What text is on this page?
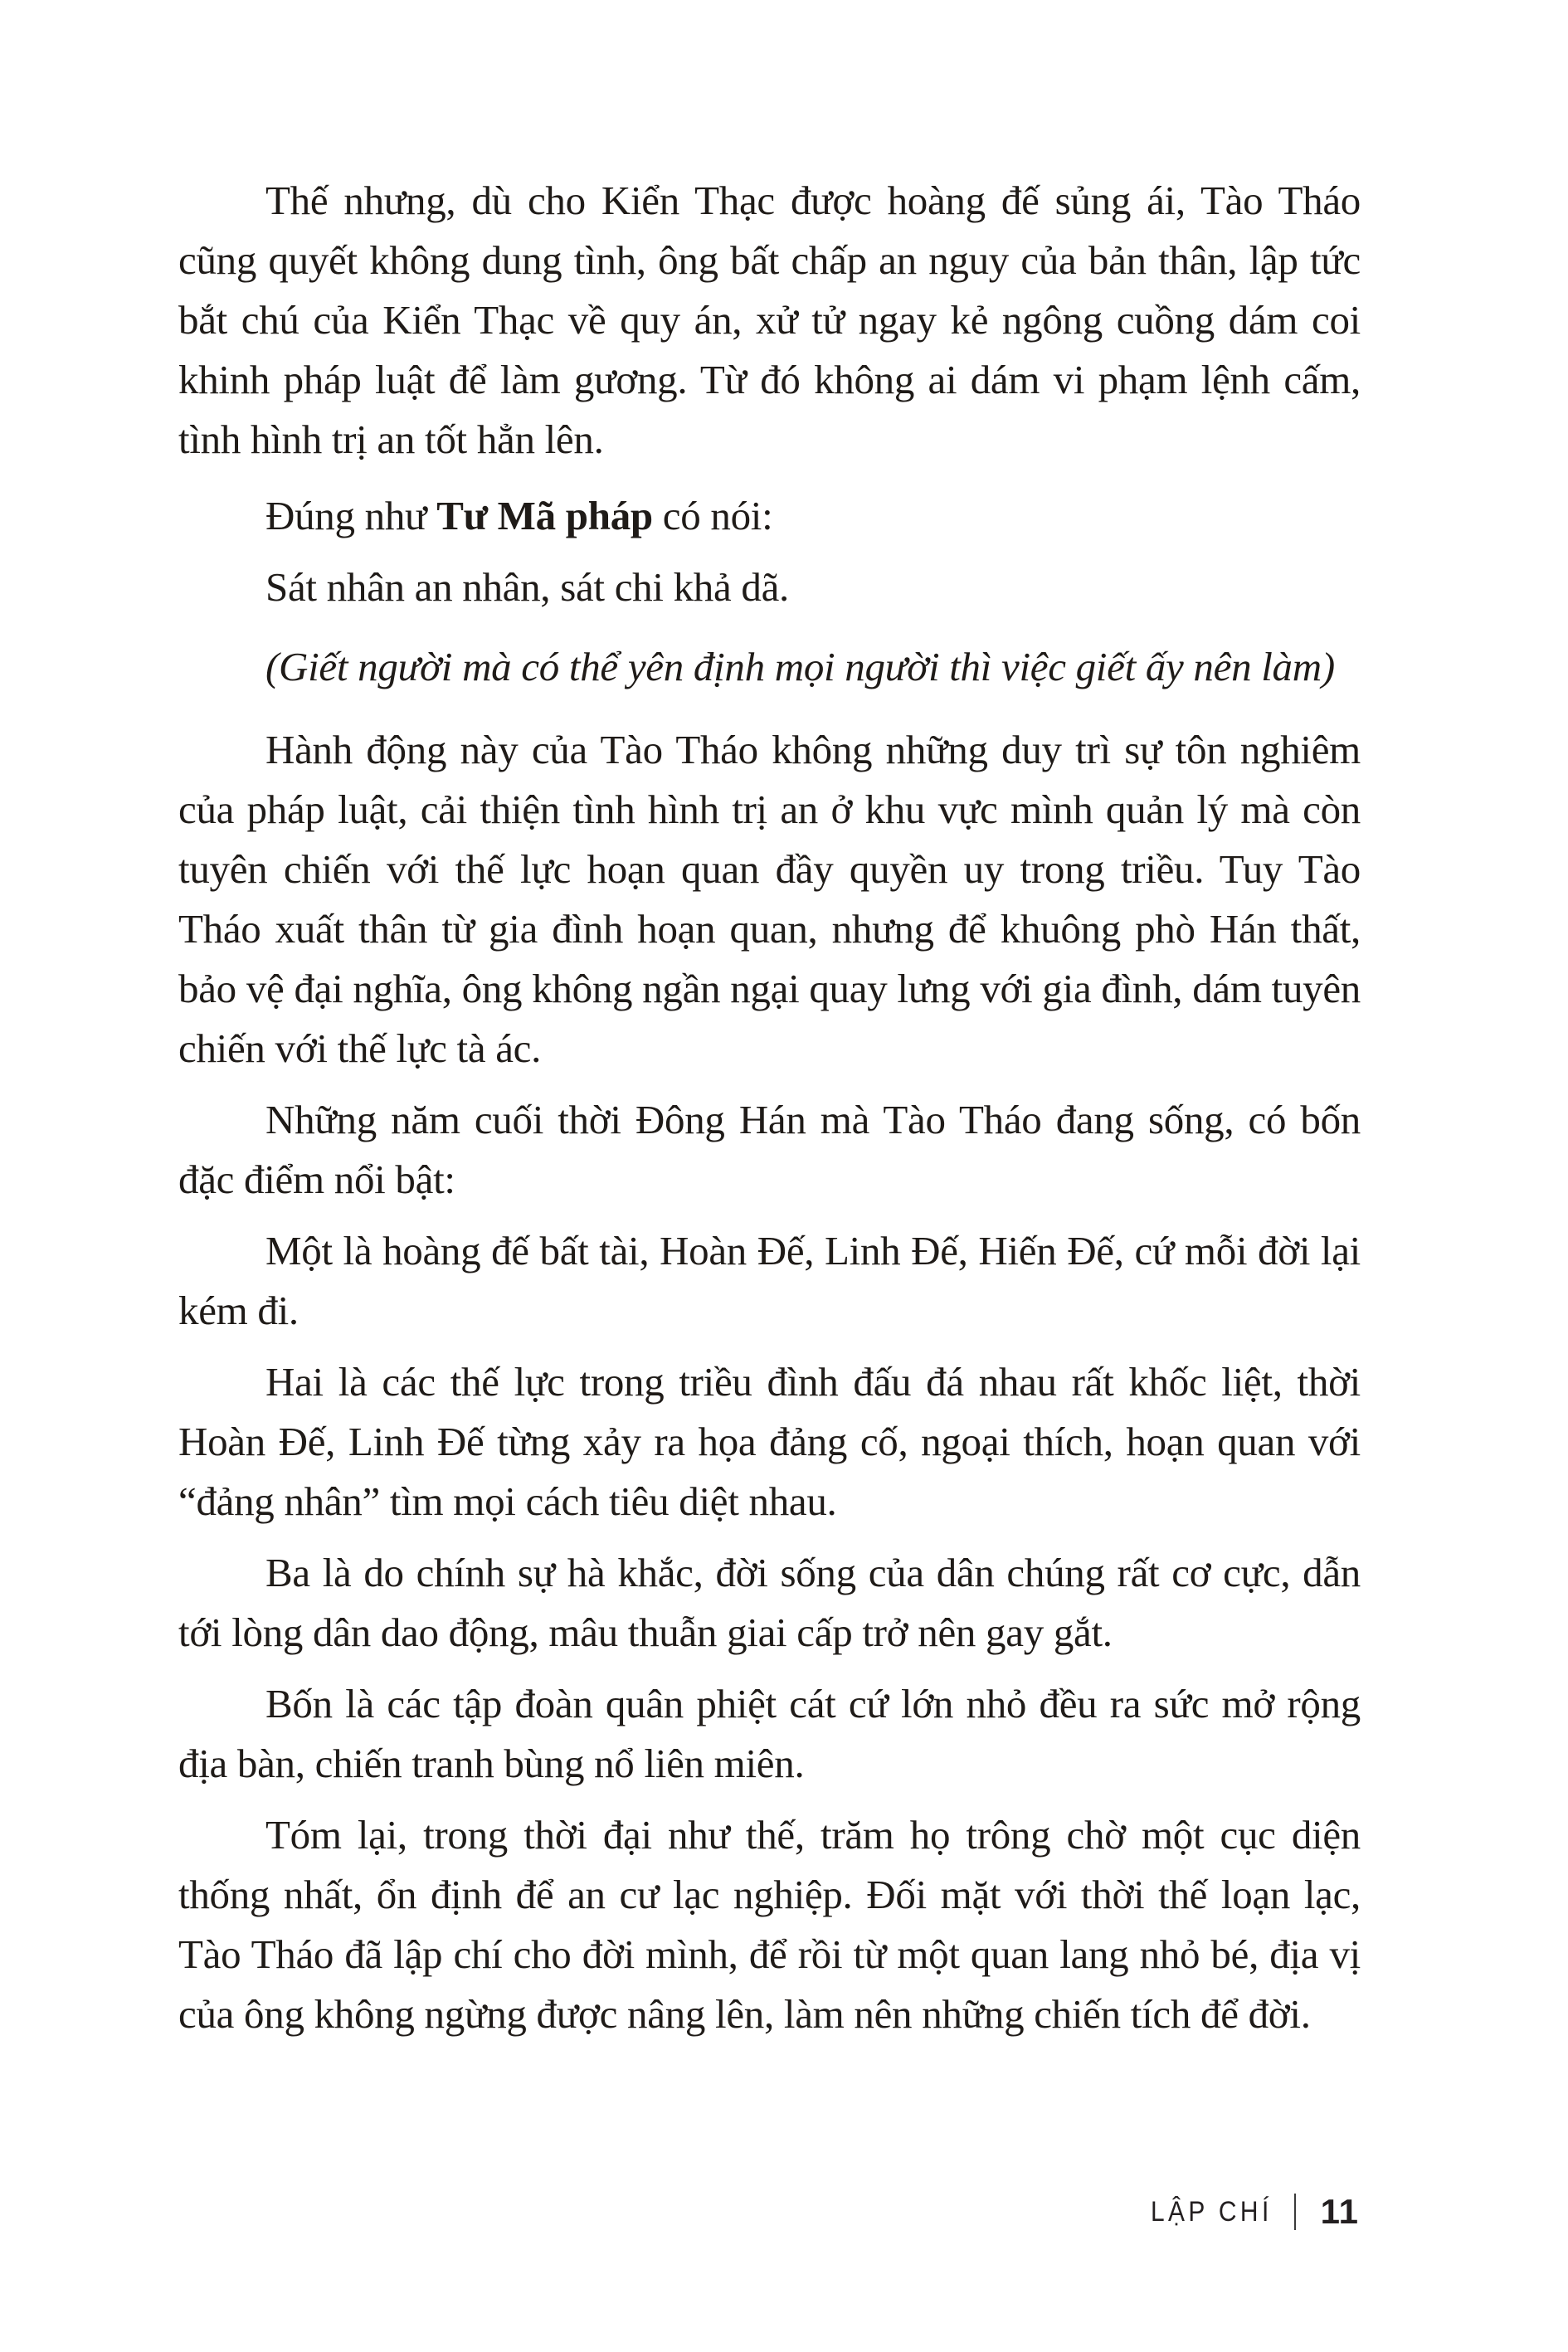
Thế nhưng, dù cho Kiển Thạc được hoàng đế sủng ái, Tào Tháo cũng quyết không dung tình, ông bất chấp an nguy của bản thân, lập tức bắt chú của Kiển Thạc về quy án, xử tử ngay kẻ ngông cuồng dám coi khinh pháp luật để làm gương. Từ đó không ai dám vi phạm lệnh cấm, tình hình trị an tốt hẳn lên.

Đúng như Tư Mã pháp có nói:

Sát nhân an nhân, sát chi khả dã.

(Giết người mà có thể yên định mọi người thì việc giết ấy nên làm)

Hành động này của Tào Tháo không những duy trì sự tôn nghiêm của pháp luật, cải thiện tình hình trị an ở khu vực mình quản lý mà còn tuyên chiến với thế lực hoạn quan đầy quyền uy trong triều. Tuy Tào Tháo xuất thân từ gia đình hoạn quan, nhưng để khuông phò Hán thất, bảo vệ đại nghĩa, ông không ngần ngại quay lưng với gia đình, dám tuyên chiến với thế lực tà ác.

Những năm cuối thời Đông Hán mà Tào Tháo đang sống, có bốn đặc điểm nổi bật:

Một là hoàng đế bất tài, Hoàn Đế, Linh Đế, Hiến Đế, cứ mỗi đời lại kém đi.

Hai là các thế lực trong triều đình đấu đá nhau rất khốc liệt, thời Hoàn Đế, Linh Đế từng xảy ra họa đảng cố, ngoại thích, hoạn quan với “đảng nhân” tìm mọi cách tiêu diệt nhau.

Ba là do chính sự hà khắc, đời sống của dân chúng rất cơ cực, dẫn tới lòng dân dao động, mâu thuẫn giai cấp trở nên gay gắt.

Bốn là các tập đoàn quân phiệt cát cứ lớn nhỏ đều ra sức mở rộng địa bàn, chiến tranh bùng nổ liên miên.

Tóm lại, trong thời đại như thế, trăm họ trông chờ một cục diện thống nhất, ổn định để an cư lạc nghiệp. Đối mặt với thời thế loạn lạc, Tào Tháo đã lập chí cho đời mình, để rồi từ một quan lang nhỏ bé, địa vị của ông không ngừng được nâng lên, làm nên những chiến tích để đời.

LẬP CHÍ 11
